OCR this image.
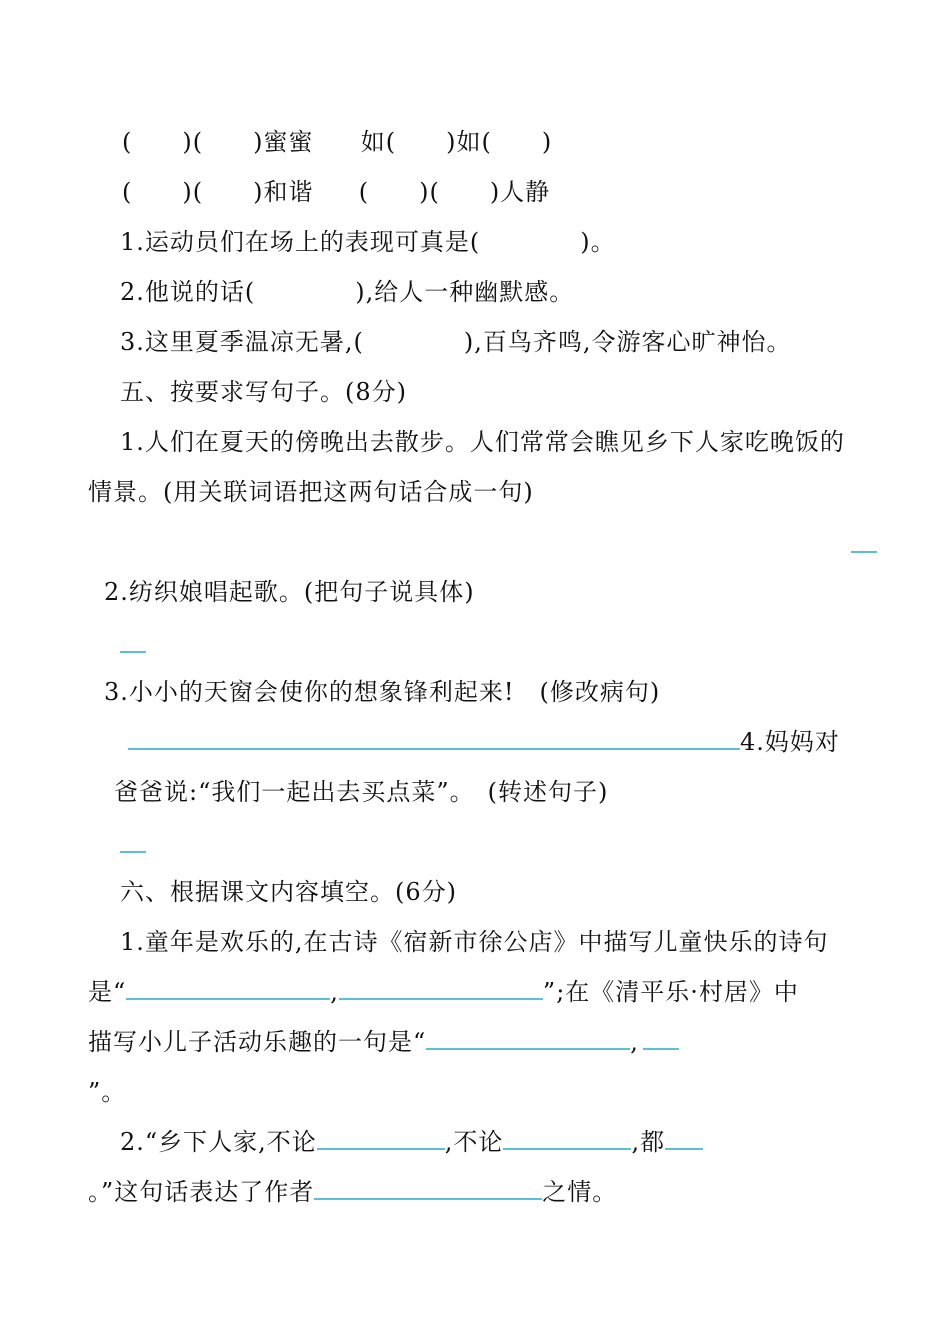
(　　)(　　)蜜蜜 如(　　)如(　　)
(　　)(　　)和谐 (　　)(　　)人静
1.运动员们在场上的表现可真是(　　　　)。
2.他说的话(　　　　),给人一种幽默感。
3.这里夏季温凉无暑,(　　　　),百鸟齐鸣,令游客心旷神怡。
五、按要求写句子。(8分)
1.人们在夏天的傍晚出去散步。人们常常会瞧见乡下人家吃晚饭的
情景。(用关联词语把这两句话合成一句)
2.纺织娘唱起歌。(把句子说具体)
3.小小的天窗会使你的想象锋利起来!　(修改病句)
4.妈妈对
爸爸说:“我们一起出去买点菜”。　(转述句子)
六、根据课文内容填空。(6分)
1.童年是欢乐的,在古诗《宿新市徐公店》中描写儿童快乐的诗句
是“	,	”;在《清平乐·村居》中
描写小儿子活动乐趣的一句是“	,
”。
2.“乡下人家,不论	,不论	,都
。”这句话表达了作者	之情。
